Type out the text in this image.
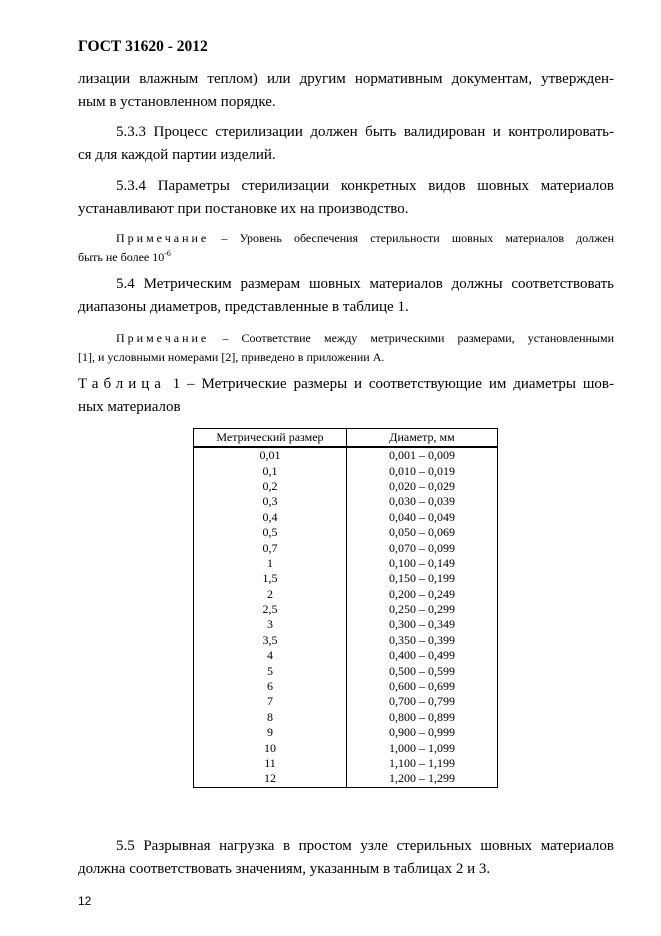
ГОСТ 31620 - 2012
лизации влажным теплом) или другим нормативным документам, утвержден-
ным в установленном порядке.
5.3.3 Процесс стерилизации должен быть валидирован и контролировать-
ся для каждой партии изделий.
5.3.4 Параметры стерилизации конкретных видов шовных материалов
устанавливают при постановке их на производство.
Примечание – Уровень обеспечения стерильности шовных материалов должен
быть не более $10^{-6}$
5.4 Метрическим размерам шовных материалов должны соответствовать
диапазоны диаметров, представленные в таблице 1.
Примечание – Соответствие между метрическими размерами, установленными
[1], и условными номерами [2], приведено в приложении А.
Таблица 1 – Метрические размеры и соответствующие им диаметры шов-
ных материалов
Метрический размер	Диаметр, мм
0,01	0,001 – 0,009
0,1	0,010 – 0,019
0,2	0,020 – 0,029
0,3	0,030 – 0,039
0,4	0,040 – 0,049
0,5	0,050 – 0,069
0,7	0,070 – 0,099
1	0,100 – 0,149
1,5	0,150 – 0,199
2	0,200 – 0,249
2,5	0,250 – 0,299
3	0,300 – 0,349
3,5	0,350 – 0,399
4	0,400 – 0,499
5	0,500 – 0,599
6	0,600 – 0,699
7	0,700 – 0,799
8	0,800 – 0,899
9	0,900 – 0,999
10	1,000 – 1,099
11	1,100 – 1,199
12	1,200 – 1,299
5.5 Разрывная нагрузка в простом узле стерильных шовных материалов
должна соответствовать значениям, указанным в таблицах 2 и 3.
12
